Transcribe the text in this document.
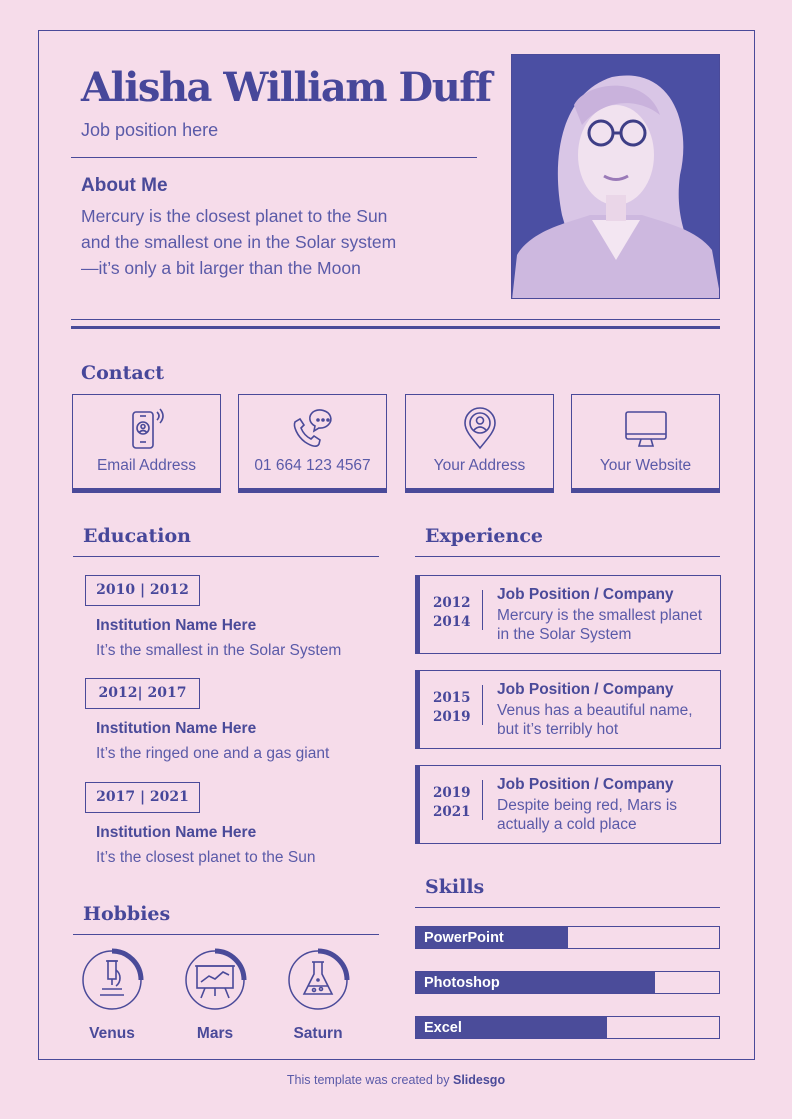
Alisha William Duff
Job position here
About Me
Mercury is the closest planet to the Sun and the smallest one in the Solar system—it’s only a bit larger than the Moon
Contact
Email Address	01 664 123 4567	Your Address	Your Website
Education	Experience
2010 | 2012
Institution Name Here
It’s the smallest in the Solar System
2012| 2017
Institution Name Here
It’s the ringed one and a gas giant
2017 | 2021
Institution Name Here
It’s the closest planet to the Sun
2012
2014
Job Position / Company
Mercury is the smallest planet in the Solar System
2015
2019
Job Position / Company
Venus has a beautiful name, but it’s terribly hot
2019
2021
Job Position / Company
Despite being red, Mars is actually a cold place
Skills
PowerPoint
Photoshop
Excel
Hobbies
Venus	Mars	Saturn
This template was created by Slidesgo
